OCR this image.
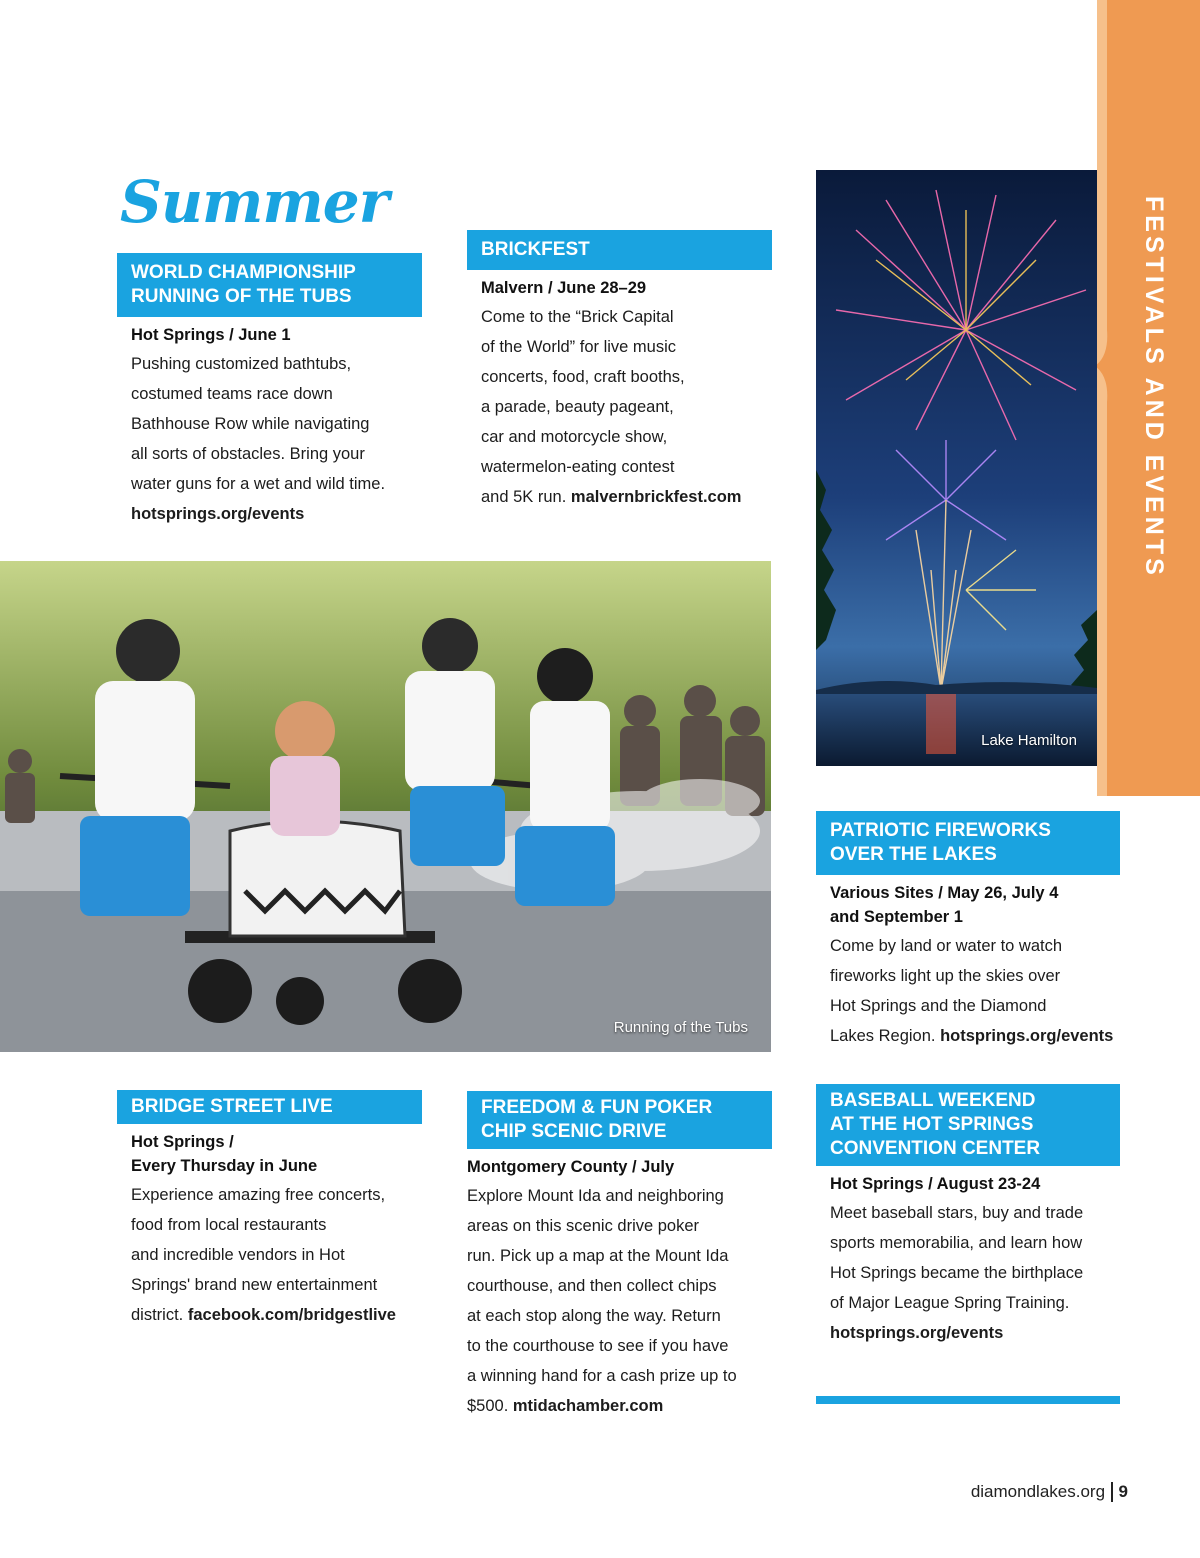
FESTIVALS AND EVENTS
Summer
WORLD CHAMPIONSHIP
RUNNING OF THE TUBS
Hot Springs / June 1
Pushing customized bathtubs,
costumed teams race down
Bathhouse Row while navigating
all sorts of obstacles. Bring your
water guns for a wet and wild time.
hotsprings.org/events
BRICKFEST
Malvern / June 28–29
Come to the “Brick Capital
of the World” for live music
concerts, food, craft booths,
a parade, beauty pageant,
car and motorcycle show,
watermelon-eating contest
and 5K run. malvernbrickfest.com
Lake Hamilton
Running of the Tubs
PATRIOTIC FIREWORKS
OVER THE LAKES
Various Sites / May 26, July 4
and September 1
Come by land or water to watch
fireworks light up the skies over
Hot Springs and the Diamond
Lakes Region. hotsprings.org/events
BRIDGE STREET LIVE
Hot Springs /
Every Thursday in June
Experience amazing free concerts,
food from local restaurants
and incredible vendors in Hot
Springs' brand new entertainment
district. facebook.com/bridgestlive
FREEDOM & FUN POKER
CHIP SCENIC DRIVE
Montgomery County / July
Explore Mount Ida and neighboring
areas on this scenic drive poker
run. Pick up a map at the Mount Ida
courthouse, and then collect chips
at each stop along the way. Return
to the courthouse to see if you have
a winning hand for a cash prize up to
$500. mtidachamber.com
BASEBALL WEEKEND
AT THE HOT SPRINGS
CONVENTION CENTER
Hot Springs / August 23-24
Meet baseball stars, buy and trade
sports memorabilia, and learn how
Hot Springs became the birthplace
of Major League Spring Training.
hotsprings.org/events
diamondlakes.org 9
